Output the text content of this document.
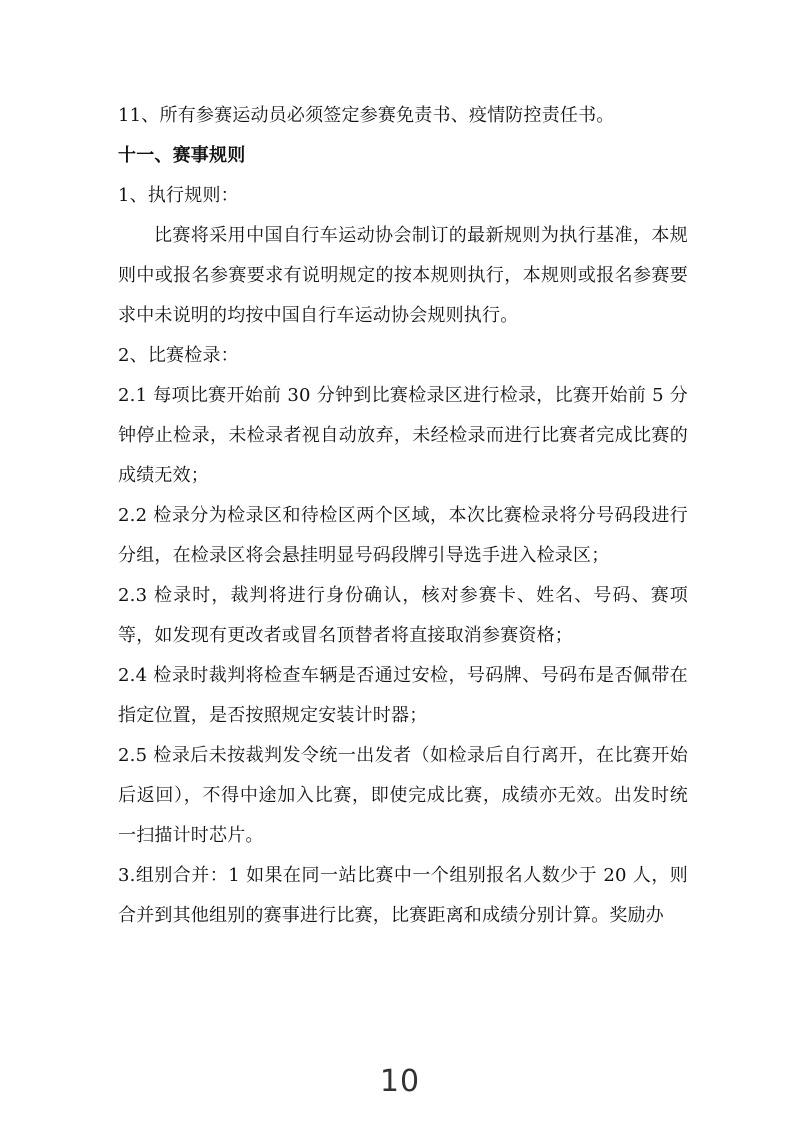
11、所有参赛运动员必须签定参赛免责书、疫情防控责任书。

十一、赛事规则

1、执行规则：

比赛将采用中国自行车运动协会制订的最新规则为执行基准，本规则中或报名参赛要求有说明规定的按本规则执行，本规则或报名参赛要求中未说明的均按中国自行车运动协会规则执行。

2、比赛检录：

2.1 每项比赛开始前 30 分钟到比赛检录区进行检录，比赛开始前 5 分钟停止检录，未检录者视自动放弃，未经检录而进行比赛者完成比赛的成绩无效；

2.2 检录分为检录区和待检区两个区域，本次比赛检录将分号码段进行分组，在检录区将会悬挂明显号码段牌引导选手进入检录区；

2.3 检录时，裁判将进行身份确认，核对参赛卡、姓名、号码、赛项等，如发现有更改者或冒名顶替者将直接取消参赛资格；

2.4 检录时裁判将检查车辆是否通过安检，号码牌、号码布是否佩带在指定位置，是否按照规定安装计时器；

2.5 检录后未按裁判发令统一出发者（如检录后自行离开，在比赛开始后返回），不得中途加入比赛，即使完成比赛，成绩亦无效。出发时统一扫描计时芯片。

3.组别合并：1 如果在同一站比赛中一个组别报名人数少于 20 人，则合并到其他组别的赛事进行比赛，比赛距离和成绩分别计算。奖励办

10
